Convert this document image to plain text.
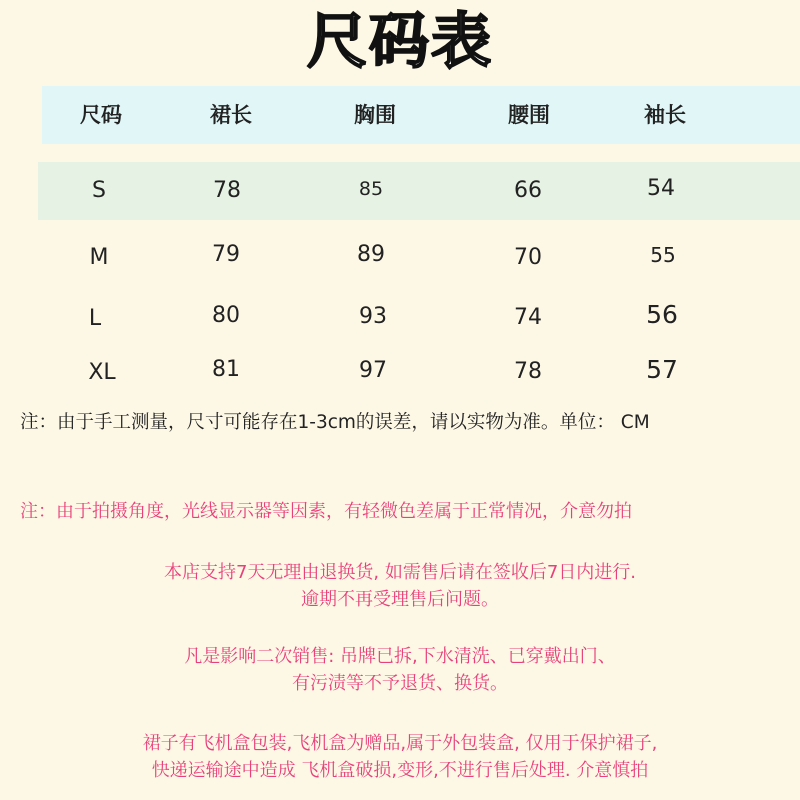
尺码表
尺码	裙长	胸围	腰围	袖长
S	78	85	66	54
M	79	89	70	55
L	80	93	74	56
XL	81	97	78	57
注：由于手工测量，尺寸可能存在1-3cm的误差，请以实物为准。单位： CM
注：由于拍摄角度，光线显示器等因素，有轻微色差属于正常情况，介意勿拍
本店支持7天无理由退换货, 如需售后请在签收后7日内进行.
逾期不再受理售后问题。
凡是影响二次销售: 吊牌已拆,下水清洗、已穿戴出门、
有污渍等不予退货、换货。
裙子有飞机盒包装,飞机盒为赠品,属于外包装盒, 仅用于保护裙子,
快递运输途中造成 飞机盒破损,变形,不进行售后处理. 介意慎拍
